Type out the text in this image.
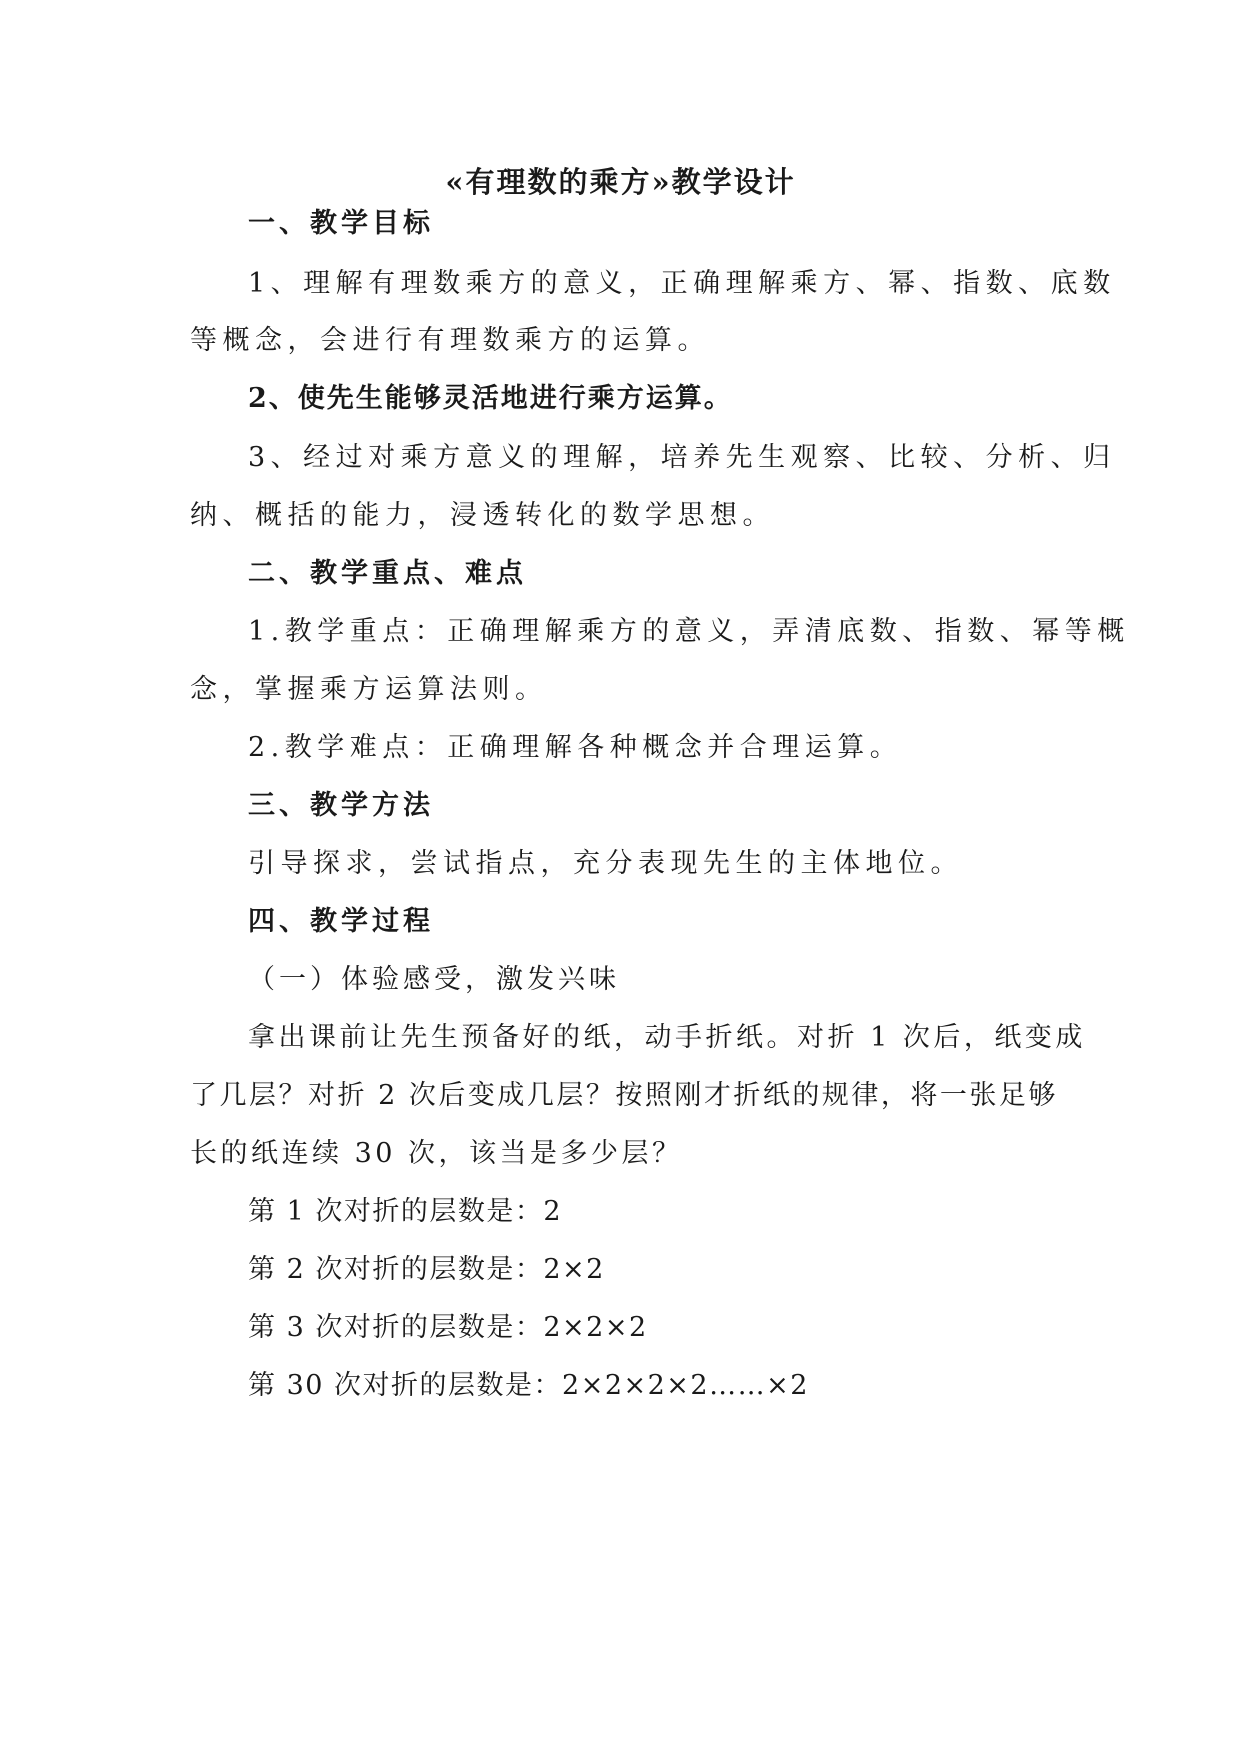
«有理数的乘方»教学设计
一、教学目标
1、理解有理数乘方的意义，正确理解乘方、幂、指数、底数
等概念，会进行有理数乘方的运算。
2、使先生能够灵活地进行乘方运算。
3、经过对乘方意义的理解，培养先生观察、比较、分析、归
纳、概括的能力，浸透转化的数学思想。
二、教学重点、难点
1.教学重点：正确理解乘方的意义，弄清底数、指数、幂等概
念，掌握乘方运算法则。
2.教学难点：正确理解各种概念并合理运算。
三、教学方法
引导探求，尝试指点，充分表现先生的主体地位。
四、教学过程
（一）体验感受，激发兴味
拿出课前让先生预备好的纸，动手折纸。对折 1 次后，纸变成
了几层？对折 2 次后变成几层？按照刚才折纸的规律，将一张足够
长的纸连续 30 次，该当是多少层？
第 1 次对折的层数是：2
第 2 次对折的层数是：2×2
第 3 次对折的层数是：2×2×2
第 30 次对折的层数是：2×2×2×2……×2
